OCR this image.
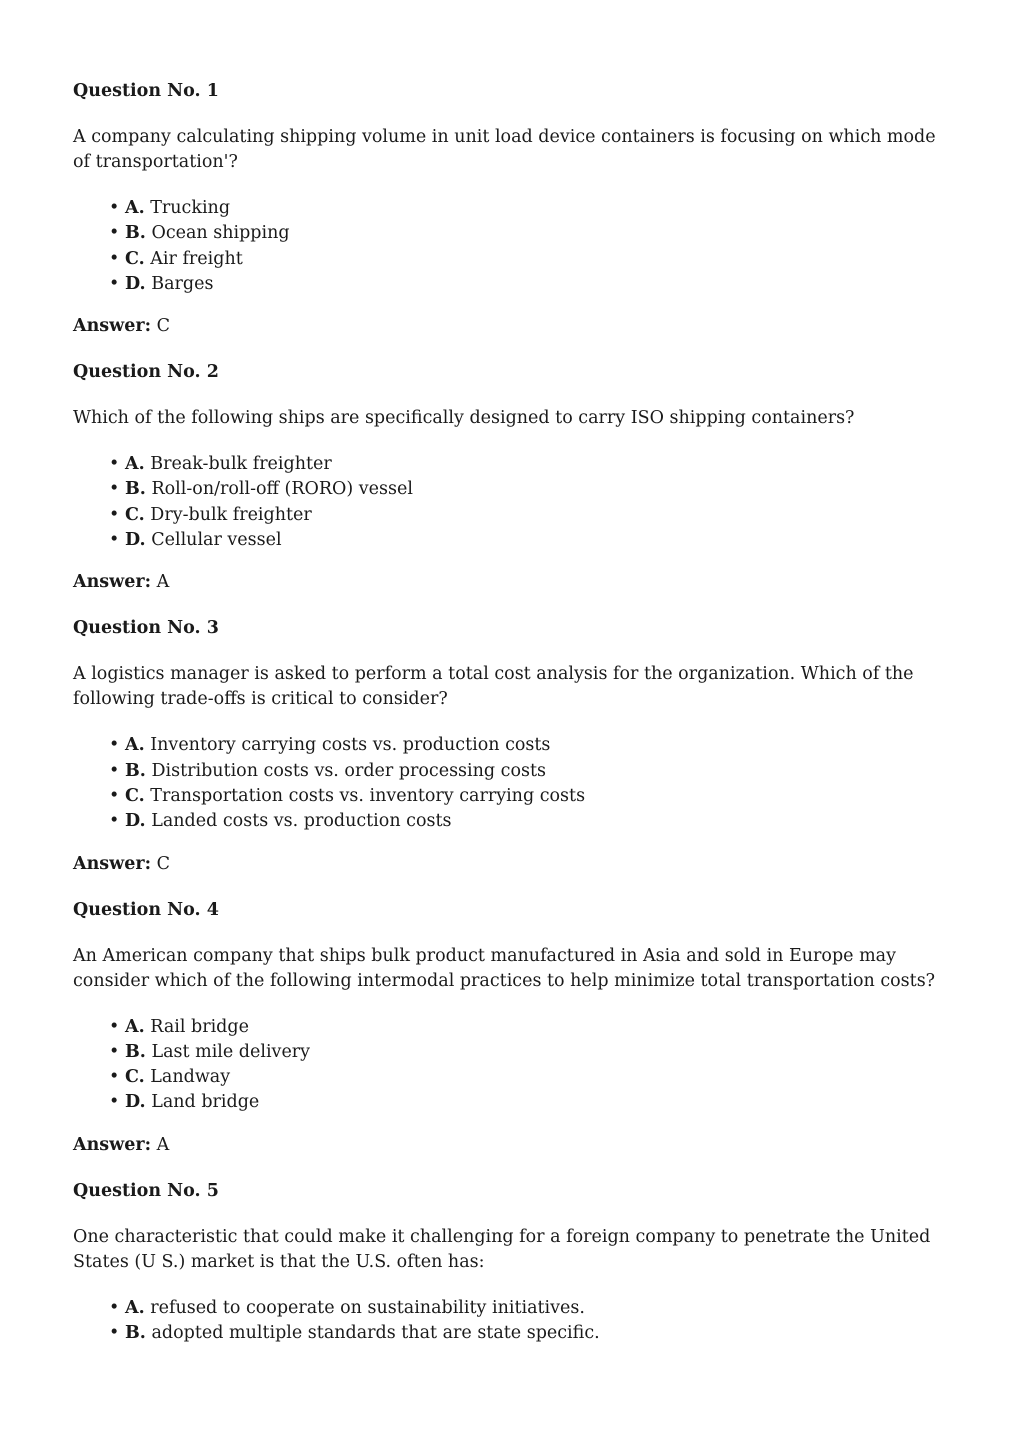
Question No. 1
A company calculating shipping volume in unit load device containers is focusing on which mode of transportation'?
• A. Trucking
• B. Ocean shipping
• C. Air freight
• D. Barges
Answer: C
Question No. 2
Which of the following ships are specifically designed to carry ISO shipping containers?
• A. Break-bulk freighter
• B. Roll-on/roll-off (RORO) vessel
• C. Dry-bulk freighter
• D. Cellular vessel
Answer: A
Question No. 3
A logistics manager is asked to perform a total cost analysis for the organization. Which of the following trade-offs is critical to consider?
• A. Inventory carrying costs vs. production costs
• B. Distribution costs vs. order processing costs
• C. Transportation costs vs. inventory carrying costs
• D. Landed costs vs. production costs
Answer: C
Question No. 4
An American company that ships bulk product manufactured in Asia and sold in Europe may consider which of the following intermodal practices to help minimize total transportation costs?
• A. Rail bridge
• B. Last mile delivery
• C. Landway
• D. Land bridge
Answer: A
Question No. 5
One characteristic that could make it challenging for a foreign company to penetrate the United States (U S.) market is that the U.S. often has:
• A. refused to cooperate on sustainability initiatives.
• B. adopted multiple standards that are state specific.
